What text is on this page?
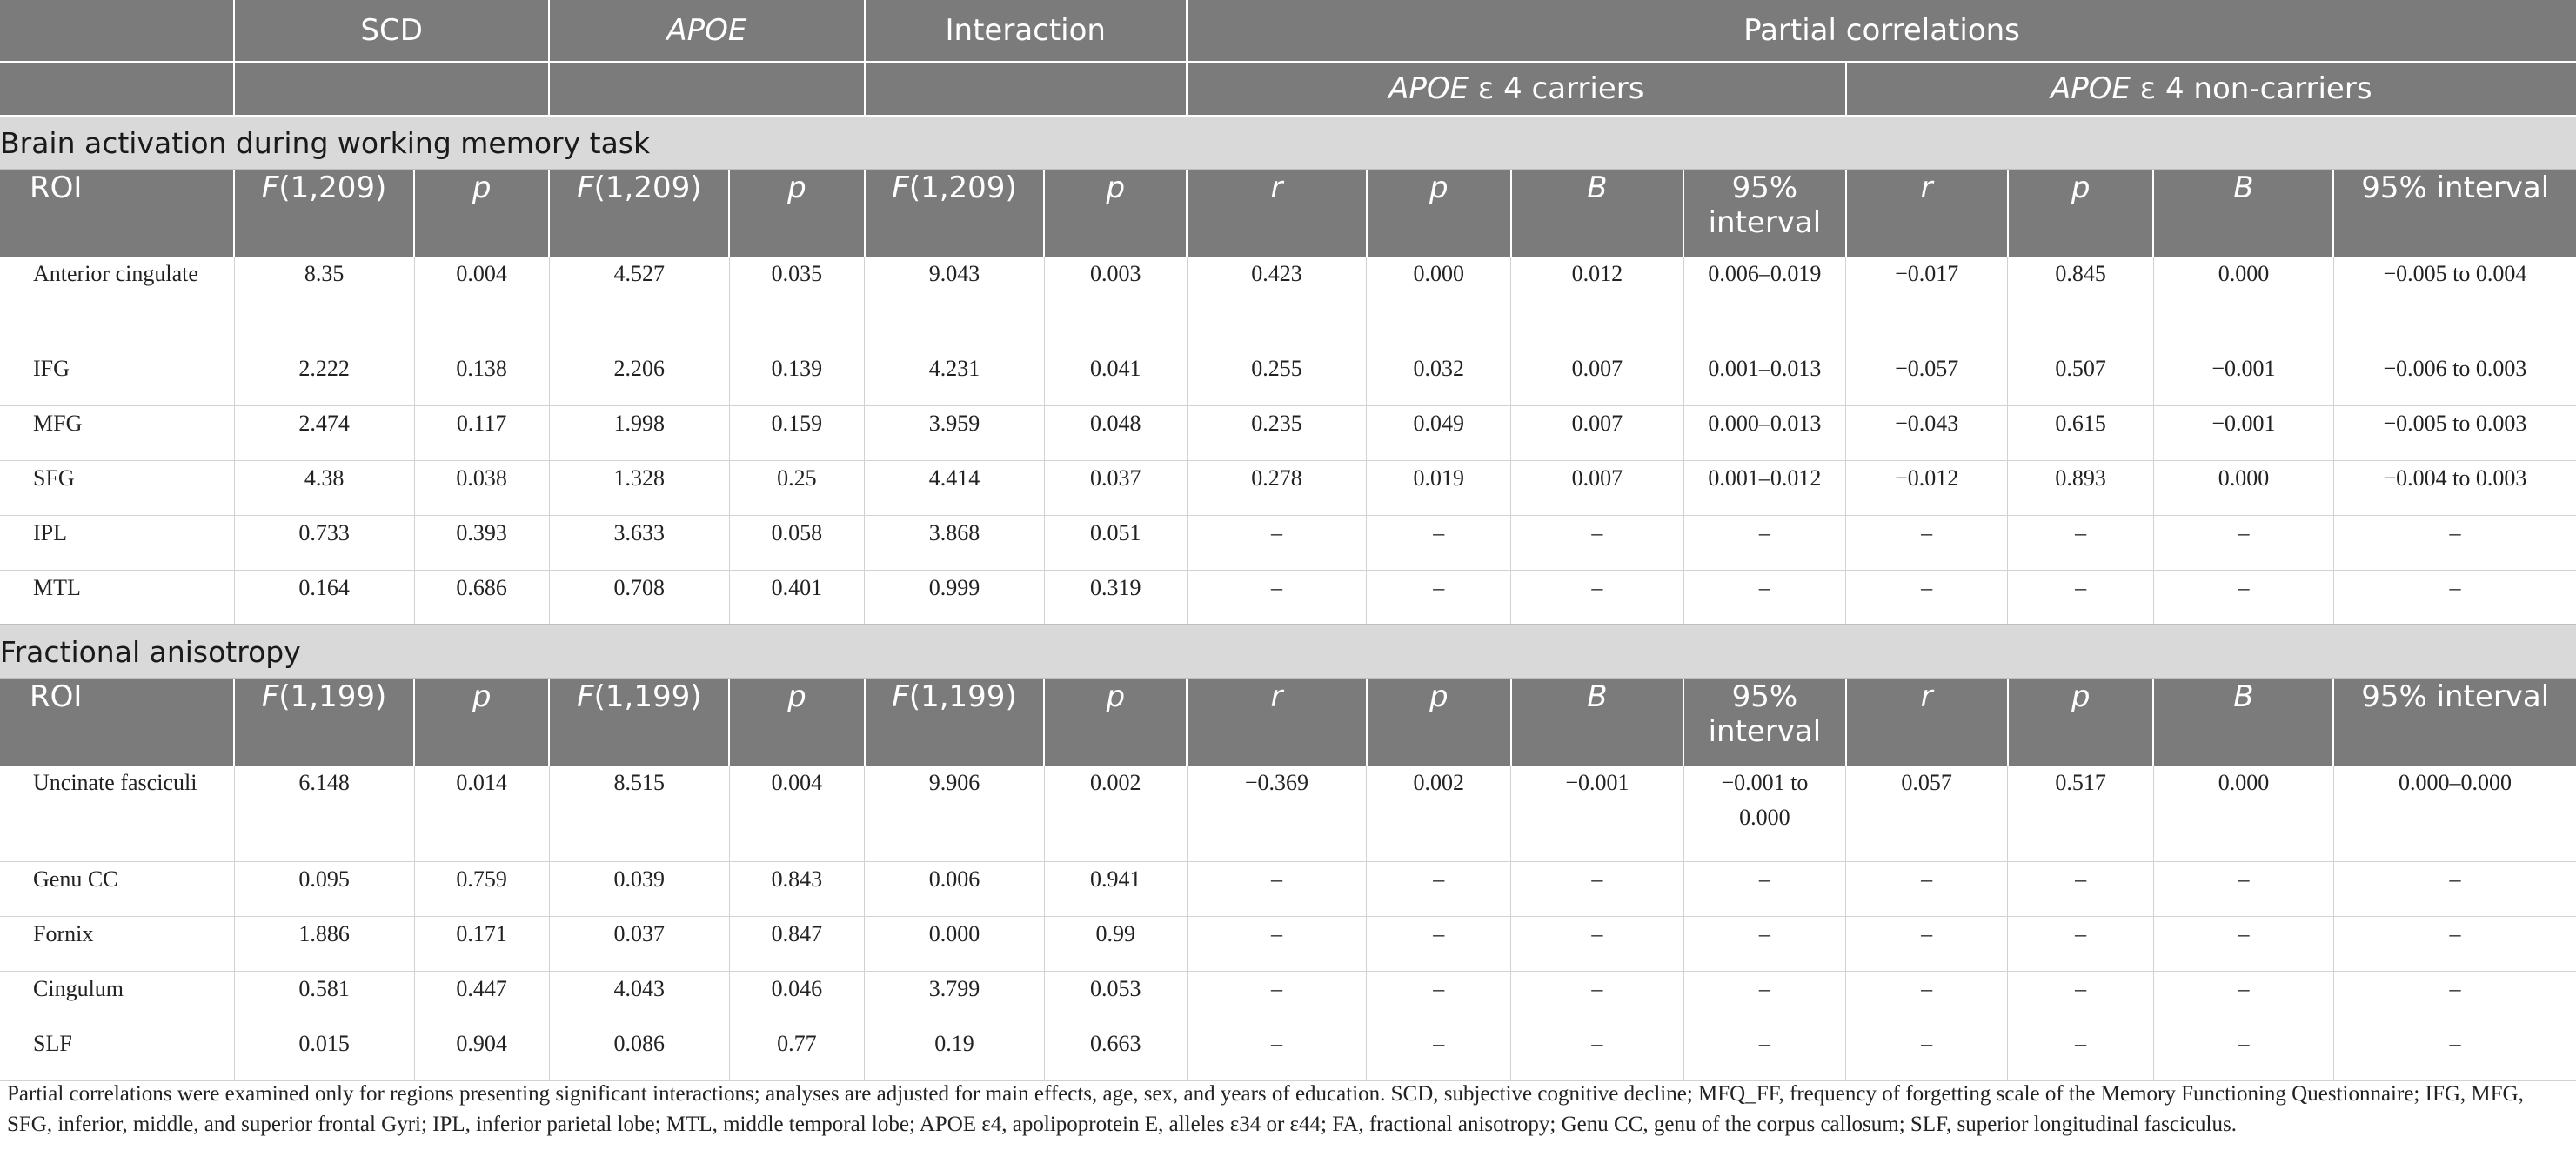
	SCD		APOE		Interaction		Partial correlations							
							APOE ε 4 carriers				APOE ε 4 non-carriers			
Brain activation during working memory task														
ROI	F(1,209)	p	F(1,209)	p	F(1,209)	p	r	p	B	95% interval	r	p	B	95% interval
Anterior cingulate	8.35	0.004	4.527	0.035	9.043	0.003	0.423	0.000	0.012	0.006–0.019	−0.017	0.845	0.000	−0.005 to 0.004
IFG	2.222	0.138	2.206	0.139	4.231	0.041	0.255	0.032	0.007	0.001–0.013	−0.057	0.507	−0.001	−0.006 to 0.003
MFG	2.474	0.117	1.998	0.159	3.959	0.048	0.235	0.049	0.007	0.000–0.013	−0.043	0.615	−0.001	−0.005 to 0.003
SFG	4.38	0.038	1.328	0.25	4.414	0.037	0.278	0.019	0.007	0.001–0.012	−0.012	0.893	0.000	−0.004 to 0.003
IPL	0.733	0.393	3.633	0.058	3.868	0.051	–	–	–	–	–	–	–	–
MTL	0.164	0.686	0.708	0.401	0.999	0.319	–	–	–	–	–	–	–	–
Fractional anisotropy														
ROI	F(1,199)	p	F(1,199)	p	F(1,199)	p	r	p	B	95% interval	r	p	B	95% interval
Uncinate fasciculi	6.148	0.014	8.515	0.004	9.906	0.002	−0.369	0.002	−0.001	−0.001 to 0.000	0.057	0.517	0.000	0.000–0.000
Genu CC	0.095	0.759	0.039	0.843	0.006	0.941	–	–	–	–	–	–	–	–
Fornix	1.886	0.171	0.037	0.847	0.000	0.99	–	–	–	–	–	–	–	–
Cingulum	0.581	0.447	4.043	0.046	3.799	0.053	–	–	–	–	–	–	–	–
SLF	0.015	0.904	0.086	0.77	0.19	0.663	–	–	–	–	–	–	–	–
Partial correlations were examined only for regions presenting significant interactions; analyses are adjusted for main effects, age, sex, and years of education. SCD, subjective cognitive decline; MFQ_FF, frequency of forgetting scale of the Memory Functioning Questionnaire; IFG, MFG, SFG, inferior, middle, and superior frontal Gyri; IPL, inferior parietal lobe; MTL, middle temporal lobe; APOE ε4, apolipoprotein E, alleles ε34 or ε44; FA, fractional anisotropy; Genu CC, genu of the corpus callosum; SLF, superior longitudinal fasciculus.
